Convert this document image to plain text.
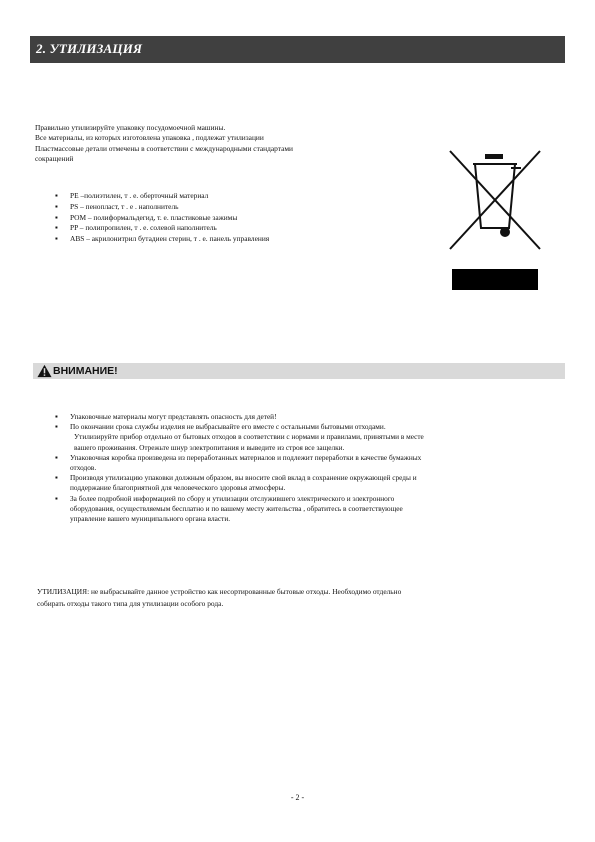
2. УТИЛИЗАЦИЯ

Правильно утилизируйте упаковку посудомоечной машины.

Все материалы, из которых изготовлена упаковка , подлежат утилизации

Пластмассовые детали отмечены в соответствии с международными стандартами

сокращений

▪ PE –полиэтилен, т . е. оберточный материал
▪ PS – пенопласт, т . е . наполнитель
▪ POM – полиформальдегид, т. е. пластиковые зажимы
▪ PP – полипропилен, т . е. солевой наполнитель
▪ ABS – акрилонитрил бутадиен стерин, т . е. панель управления
ВНИМАНИЕ!
▪ Упаковочные материалы могут представлять опасность для детей!
▪ По окончании срока службы изделия не выбрасывайте его вместе с остальными бытовыми отходами.
Утилизируйте прибор отдельно от бытовых отходов в соответствии с нормами и правилами, принятыми в месте
вашего проживания. Отрежьте шнур электропитания и выведите из строя все защелки.
▪ Упаковочная коробка произведена из переработанных материалов и подлежит переработки в качестве бумажных
отходов.
▪ Производя утилизацию упаковки должным образом, вы вносите свой вклад в сохранение окружающей среды и
поддержание благоприятной для человеческого здоровья атмосферы.
▪ За более подробной информацией по сбору и утилизации отслужившего электрического и электронного
оборудования, осуществляемым бесплатно и по вашему месту жительства , обратитесь в соответствующее
управление вашего муниципального органа власти.
УТИЛИЗАЦИЯ: не выбрасывайте данное устройство как несортированные бытовые отходы. Необходимо отдельно
собирать отходы такого типа для утилизации особого рода.
- 2 -
